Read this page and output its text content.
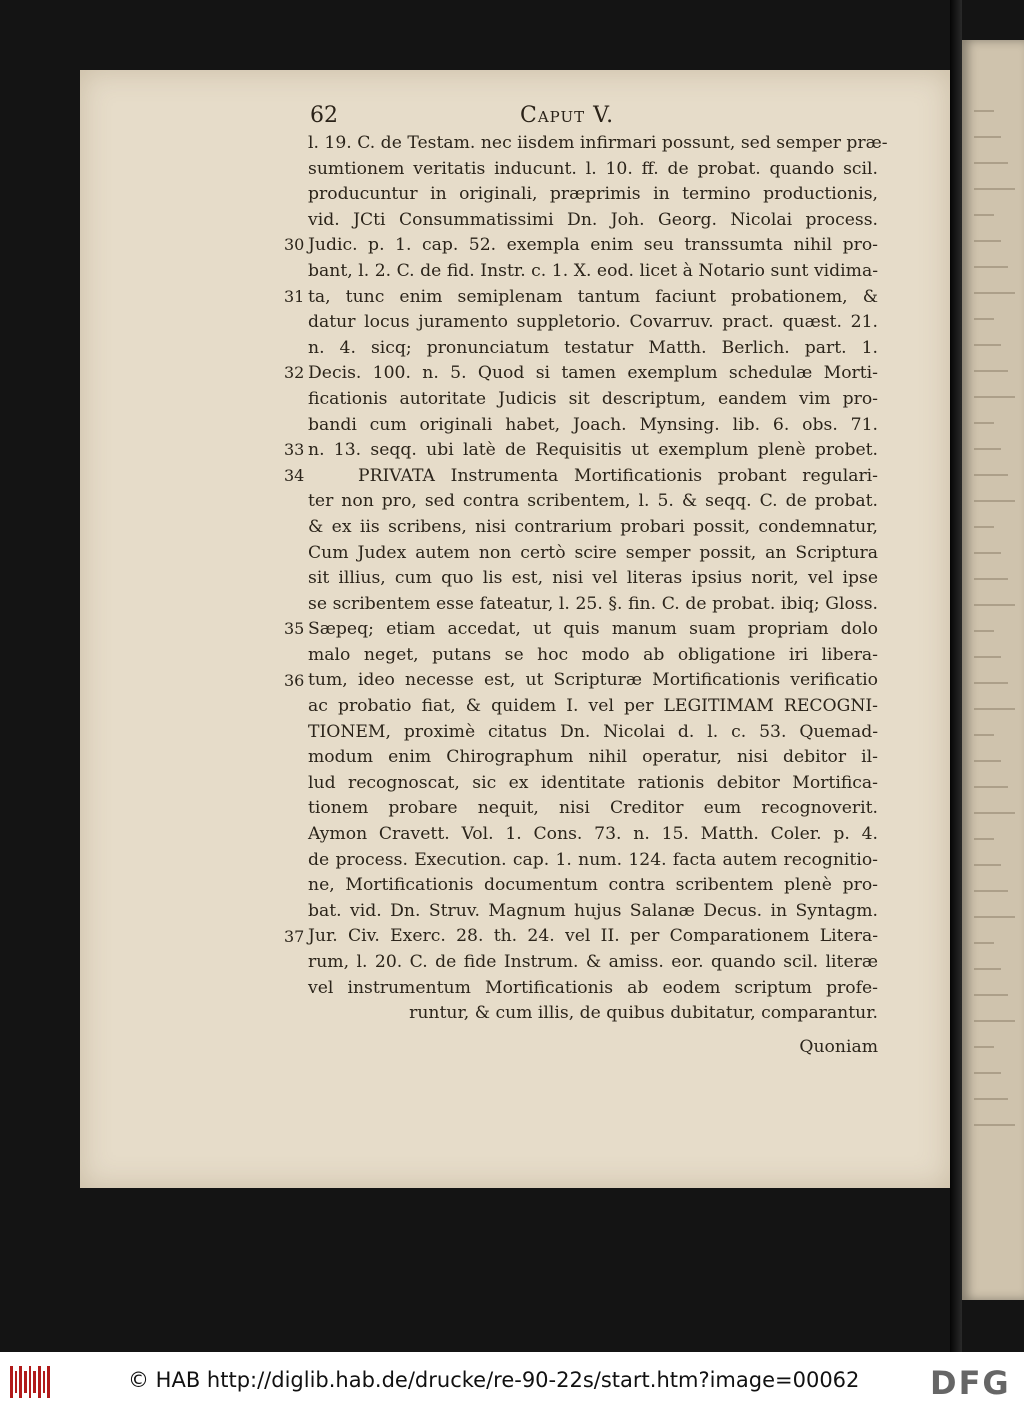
62	Caput V.
30
31
32
33
34
35
36
37
l. 19. C. de Testam. nec iisdem infirmari possunt, sed semper præ-
sumtionem veritatis inducunt. l. 10. ff. de probat. quando scil.
producuntur in originali, præprimis in termino productionis,
vid. JCti Consummatissimi Dn. Joh. Georg. Nicolai process.
Judic. p. 1. cap. 52. exempla enim seu transsumta nihil pro-
bant, l. 2. C. de fid. Instr. c. 1. X. eod. licet à Notario sunt vidima-
ta, tunc enim semiplenam tantum faciunt probationem, &
datur locus juramento suppletorio. Covarruv. pract. quæst. 21.
n. 4. sicq; pronunciatum testatur Matth. Berlich. part. 1.
Decis. 100. n. 5. Quod si tamen exemplum schedulæ Morti-
ficationis autoritate Judicis sit descriptum, eandem vim pro-
bandi cum originali habet, Joach. Mynsing. lib. 6. obs. 71.
n. 13. seqq. ubi latè de Requisitis ut exemplum plenè probet.
PRIVATA Instrumenta Mortificationis probant regulari-
ter non pro, sed contra scribentem, l. 5. & seqq. C. de probat.
& ex iis scribens, nisi contrarium probari possit, condemnatur,
Cum Judex autem non certò scire semper possit, an Scriptura
sit illius, cum quo lis est, nisi vel literas ipsius norit, vel ipse
se scribentem esse fateatur, l. 25. §. fin. C. de probat. ibiq; Gloss.
Sæpeq; etiam accedat, ut quis manum suam propriam dolo
malo neget, putans se hoc modo ab obligatione iri libera-
tum, ideo necesse est, ut Scripturæ Mortificationis verificatio
ac probatio fiat, & quidem I. vel per LEGITIMAM RECOGNI-
TIONEM, proximè citatus Dn. Nicolai d. l. c. 53. Quemad-
modum enim Chirographum nihil operatur, nisi debitor il-
lud recognoscat, sic ex identitate rationis debitor Mortifica-
tionem probare nequit, nisi Creditor eum recognoverit.
Aymon Cravett. Vol. 1. Cons. 73. n. 15. Matth. Coler. p. 4.
de process. Execution. cap. 1. num. 124. facta autem recognitio-
ne, Mortificationis documentum contra scribentem plenè pro-
bat. vid. Dn. Struv. Magnum hujus Salanæ Decus. in Syntagm.
Jur. Civ. Exerc. 28. th. 24. vel II. per Comparationem Litera-
rum, l. 20. C. de fide Instrum. & amiss. eor. quando scil. literæ
vel instrumentum Mortificationis ab eodem scriptum profe-
runtur, & cum illis, de quibus dubitatur, comparantur.
Quoniam
© HAB http://diglib.hab.de/drucke/re-90-22s/start.htm?image=00062 DFG
